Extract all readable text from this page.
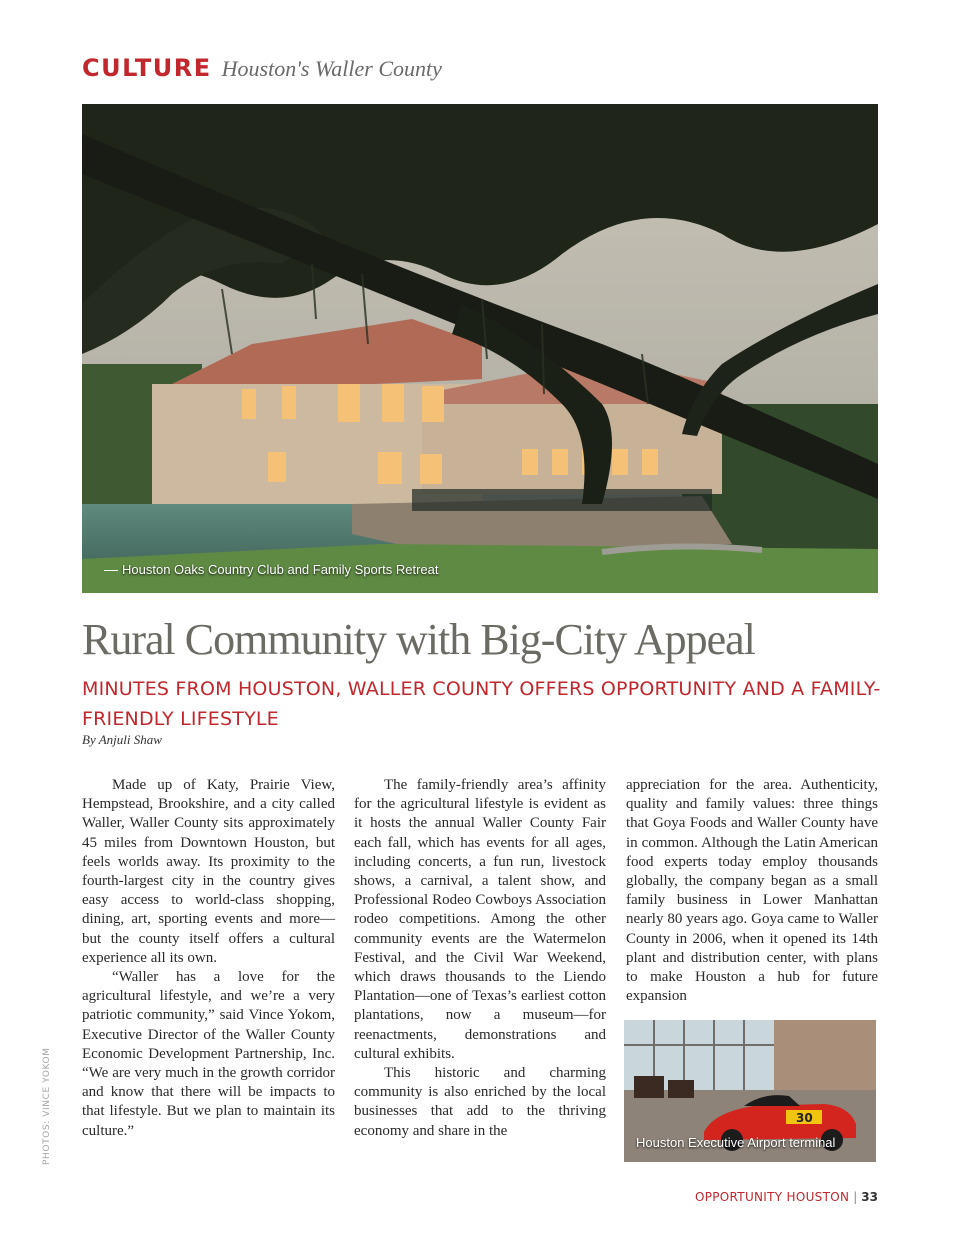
CULTURE Houston's Waller County
Houston Oaks Country Club and Family Sports Retreat
Rural Community with Big-City Appeal
MINUTES FROM HOUSTON, WALLER COUNTY OFFERS OPPORTUNITY AND A FAMILY-FRIENDLY LIFESTYLE
By Anjuli Shaw

Made up of Katy, Prairie View, Hempstead, Brookshire, and a city called Waller, Waller County sits approximately 45 miles from Downtown Houston, but feels worlds away. Its proximity to the fourth-largest city in the country gives easy access to world-class shopping, dining, art, sporting events and more—but the county itself offers a cultural experience all its own.

“Waller has a love for the agricultural lifestyle, and we’re a very patriotic community,” said Vince Yokom, Executive Director of the Waller County Economic Development Partnership, Inc. “We are very much in the growth corridor and know that there will be impacts to that lifestyle. But we plan to maintain its culture.”

The family-friendly area’s affinity for the agricultural lifestyle is evident as it hosts the annual Waller County Fair each fall, which has events for all ages, including concerts, a fun run, livestock shows, a carnival, a talent show, and Professional Rodeo Cowboys Association rodeo competitions. Among the other community events are the Watermelon Festival, and the Civil War Weekend, which draws thousands to the Liendo Plantation—one of Texas’s earliest cotton plantations, now a museum—for reenactments, demonstrations and cultural exhibits.

This historic and charming community is also enriched by the local businesses that add to the thriving economy and share in the

appreciation for the area. Authenticity, quality and family values: three things that Goya Foods and Waller County have in common. Although the Latin American food experts today employ thousands globally, the company began as a small family business in Lower Manhattan nearly 80 years ago. Goya came to Waller County in 2006, when it opened its 14th plant and distribution center, with plans to make Houston a hub for future expansion

30
Houston Executive Airport terminal
PHOTOS: VINCE YOKOM
OPPORTUNITY HOUSTON | 33
